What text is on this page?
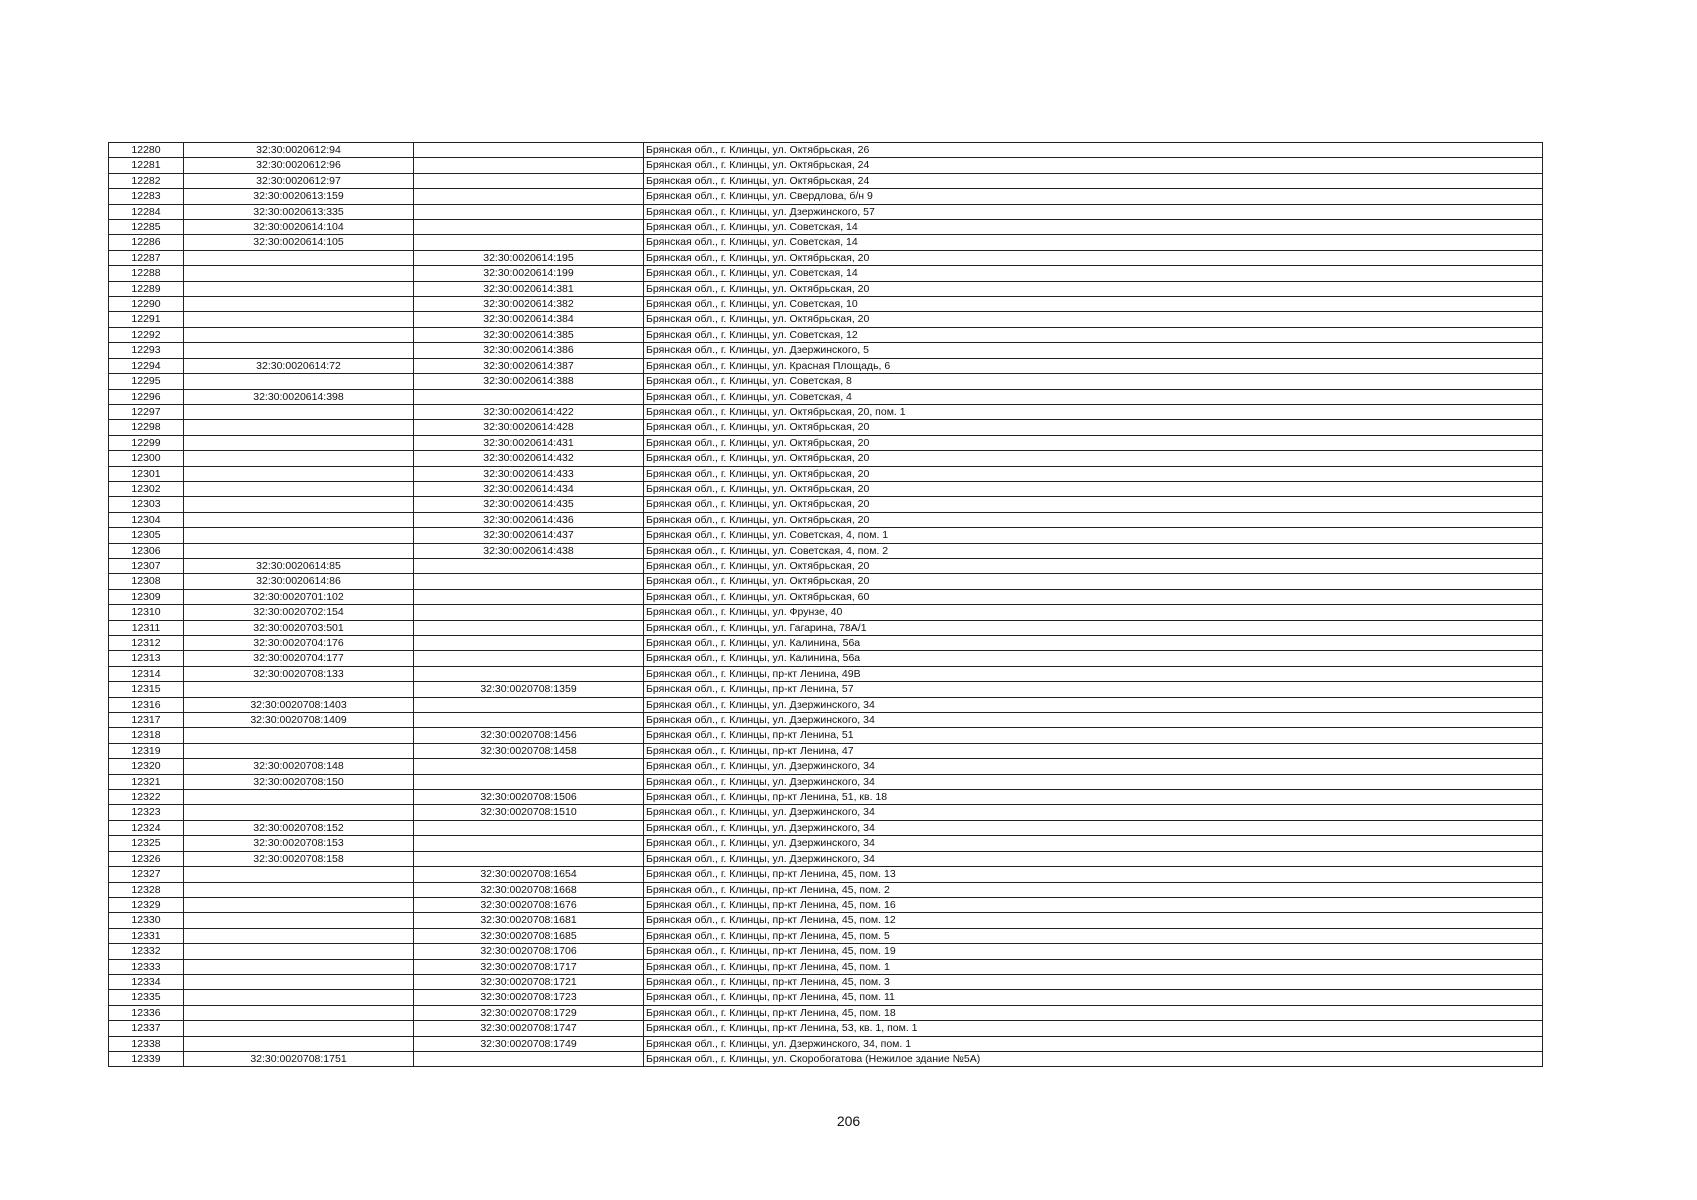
12280	32:30:0020612:94		Брянская обл., г. Клинцы, ул. Октябрьская, 26
12281	32:30:0020612:96		Брянская обл., г. Клинцы, ул. Октябрьская, 24
12282	32:30:0020612:97		Брянская обл., г. Клинцы, ул. Октябрьская, 24
12283	32:30:0020613:159		Брянская обл., г. Клинцы, ул. Свердлова, б/н 9
12284	32:30:0020613:335		Брянская обл., г. Клинцы, ул. Дзержинского, 57
12285	32:30:0020614:104		Брянская обл., г. Клинцы, ул. Советская, 14
12286	32:30:0020614:105		Брянская обл., г. Клинцы, ул. Советская, 14
12287		32:30:0020614:195	Брянская обл., г. Клинцы, ул. Октябрьская, 20
12288		32:30:0020614:199	Брянская обл., г. Клинцы, ул. Советская, 14
12289		32:30:0020614:381	Брянская обл., г. Клинцы, ул. Октябрьская, 20
12290		32:30:0020614:382	Брянская обл., г. Клинцы, ул. Советская, 10
12291		32:30:0020614:384	Брянская обл., г. Клинцы, ул. Октябрьская, 20
12292		32:30:0020614:385	Брянская обл., г. Клинцы, ул. Советская, 12
12293		32:30:0020614:386	Брянская обл., г. Клинцы, ул. Дзержинского, 5
12294	32:30:0020614:72	32:30:0020614:387	Брянская обл., г. Клинцы, ул. Красная Площадь, 6
12295		32:30:0020614:388	Брянская обл., г. Клинцы, ул. Советская, 8
12296	32:30:0020614:398		Брянская обл., г. Клинцы, ул. Советская, 4
12297		32:30:0020614:422	Брянская обл., г. Клинцы, ул. Октябрьская, 20, пом. 1
12298		32:30:0020614:428	Брянская обл., г. Клинцы, ул. Октябрьская, 20
12299		32:30:0020614:431	Брянская обл., г. Клинцы, ул. Октябрьская, 20
12300		32:30:0020614:432	Брянская обл., г. Клинцы, ул. Октябрьская, 20
12301		32:30:0020614:433	Брянская обл., г. Клинцы, ул. Октябрьская, 20
12302		32:30:0020614:434	Брянская обл., г. Клинцы, ул. Октябрьская, 20
12303		32:30:0020614:435	Брянская обл., г. Клинцы, ул. Октябрьская, 20
12304		32:30:0020614:436	Брянская обл., г. Клинцы, ул. Октябрьская, 20
12305		32:30:0020614:437	Брянская обл., г. Клинцы, ул. Советская, 4, пом. 1
12306		32:30:0020614:438	Брянская обл., г. Клинцы, ул. Советская, 4, пом. 2
12307	32:30:0020614:85		Брянская обл., г. Клинцы, ул. Октябрьская, 20
12308	32:30:0020614:86		Брянская обл., г. Клинцы, ул. Октябрьская, 20
12309	32:30:0020701:102		Брянская обл., г. Клинцы, ул. Октябрьская, 60
12310	32:30:0020702:154		Брянская обл., г. Клинцы, ул. Фрунзе, 40
12311	32:30:0020703:501		Брянская обл., г. Клинцы, ул. Гагарина, 78А/1
12312	32:30:0020704:176		Брянская обл., г. Клинцы, ул. Калинина, 56а
12313	32:30:0020704:177		Брянская обл., г. Клинцы, ул. Калинина, 56а
12314	32:30:0020708:133		Брянская обл., г. Клинцы, пр-кт Ленина, 49В
12315		32:30:0020708:1359	Брянская обл., г. Клинцы, пр-кт Ленина, 57
12316	32:30:0020708:1403		Брянская обл., г. Клинцы, ул. Дзержинского, 34
12317	32:30:0020708:1409		Брянская обл., г. Клинцы, ул. Дзержинского, 34
12318		32:30:0020708:1456	Брянская обл., г. Клинцы, пр-кт Ленина, 51
12319		32:30:0020708:1458	Брянская обл., г. Клинцы, пр-кт Ленина, 47
12320	32:30:0020708:148		Брянская обл., г. Клинцы, ул. Дзержинского, 34
12321	32:30:0020708:150		Брянская обл., г. Клинцы, ул. Дзержинского, 34
12322		32:30:0020708:1506	Брянская обл., г. Клинцы, пр-кт Ленина, 51, кв. 18
12323		32:30:0020708:1510	Брянская обл., г. Клинцы, ул. Дзержинского, 34
12324	32:30:0020708:152		Брянская обл., г. Клинцы, ул. Дзержинского, 34
12325	32:30:0020708:153		Брянская обл., г. Клинцы, ул. Дзержинского, 34
12326	32:30:0020708:158		Брянская обл., г. Клинцы, ул. Дзержинского, 34
12327		32:30:0020708:1654	Брянская обл., г. Клинцы, пр-кт Ленина, 45, пом. 13
12328		32:30:0020708:1668	Брянская обл., г. Клинцы, пр-кт Ленина, 45, пом. 2
12329		32:30:0020708:1676	Брянская обл., г. Клинцы, пр-кт Ленина, 45, пом. 16
12330		32:30:0020708:1681	Брянская обл., г. Клинцы, пр-кт Ленина, 45, пом. 12
12331		32:30:0020708:1685	Брянская обл., г. Клинцы, пр-кт Ленина, 45, пом. 5
12332		32:30:0020708:1706	Брянская обл., г. Клинцы, пр-кт Ленина, 45, пом. 19
12333		32:30:0020708:1717	Брянская обл., г. Клинцы, пр-кт Ленина, 45, пом. 1
12334		32:30:0020708:1721	Брянская обл., г. Клинцы, пр-кт Ленина, 45, пом. 3
12335		32:30:0020708:1723	Брянская обл., г. Клинцы, пр-кт Ленина, 45, пом. 11
12336		32:30:0020708:1729	Брянская обл., г. Клинцы, пр-кт Ленина, 45, пом. 18
12337		32:30:0020708:1747	Брянская обл., г. Клинцы, пр-кт Ленина, 53, кв. 1, пом. 1
12338		32:30:0020708:1749	Брянская обл., г. Клинцы, ул. Дзержинского, 34, пом. 1
12339	32:30:0020708:1751		Брянская обл., г. Клинцы, ул. Скоробогатова (Нежилое здание №5А)
206
